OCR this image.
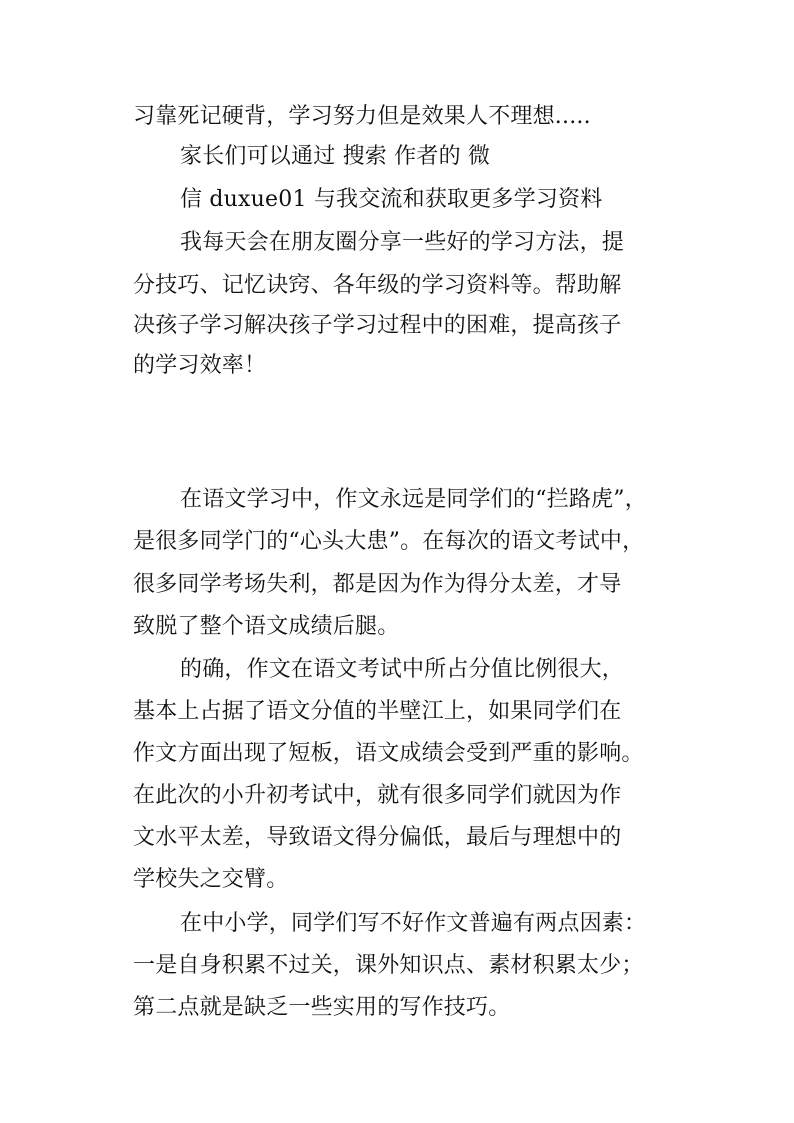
习靠死记硬背，学习努力但是效果人不理想.....
家长们可以通过 搜索 作者的 微
信 duxue01 与我交流和获取更多学习资料
我每天会在朋友圈分享一些好的学习方法，提
分技巧、记忆诀窍、各年级的学习资料等。帮助解
决孩子学习解决孩子学习过程中的困难，提高孩子
的学习效率！
在语文学习中，作文永远是同学们的“拦路虎”，
是很多同学门的“心头大患”。在每次的语文考试中，
很多同学考场失利，都是因为作为得分太差，才导
致脱了整个语文成绩后腿。
的确，作文在语文考试中所占分值比例很大，
基本上占据了语文分值的半壁江上，如果同学们在
作文方面出现了短板，语文成绩会受到严重的影响。
在此次的小升初考试中，就有很多同学们就因为作
文水平太差，导致语文得分偏低，最后与理想中的
学校失之交臂。
在中小学，同学们写不好作文普遍有两点因素：
一是自身积累不过关，课外知识点、素材积累太少；
第二点就是缺乏一些实用的写作技巧。
